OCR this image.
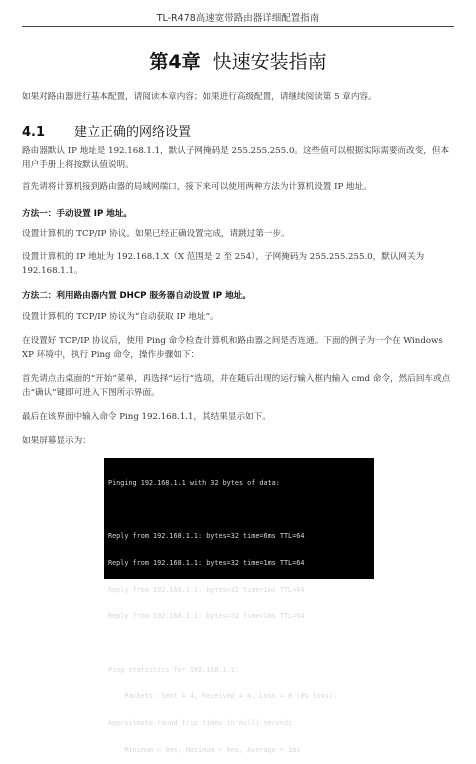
TL-R478高速宽带路由器详细配置指南
第4章 快速安装指南
如果对路由器进行基本配置，请阅读本章内容；如果进行高级配置，请继续阅读第 5 章内容。
4.1 建立正确的网络设置
路由器默认 IP 地址是 192.168.1.1，默认子网掩码是 255.255.255.0。这些值可以根据实际需要而改变，但本用户手册上将按默认值说明。
首先请将计算机接到路由器的局域网端口，接下来可以使用两种方法为计算机设置 IP 地址。
方法一：手动设置 IP 地址。
设置计算机的 TCP/IP 协议。如果已经正确设置完成，请跳过第一步。
设置计算机的 IP 地址为 192.168.1.X（X 范围是 2 至 254），子网掩码为 255.255.255.0，默认网关为 192.168.1.1。
方法二：利用路由器内置 DHCP 服务器自动设置 IP 地址。
设置计算机的 TCP/IP 协议为“自动获取 IP 地址”。
在设置好 TCP/IP 协议后，使用 Ping 命令检查计算机和路由器之间是否连通。下面的例子为一个在 Windows XP 环境中，执行 Ping 命令，操作步骤如下：
首先请点击桌面的“开始”菜单，再选择“运行”选项，并在随后出现的运行输入框内输入 cmd 命令，然后回车或点击“确认”键即可进入下图所示界面。
最后在该界面中输入命令 Ping 192.168.1.1，其结果显示如下。
如果屏幕显示为：

Pinging 192.168.1.1 with 32 bytes of data:

Reply from 192.168.1.1: bytes=32 time=6ms TTL=64

Reply from 192.168.1.1: bytes=32 time=1ms TTL=64

Reply from 192.168.1.1: bytes=32 time<1ms TTL=64

Reply from 192.168.1.1: bytes=32 time<1ms TTL=64

Ping statistics for 192.168.1.1:

Packets: Sent = 4, Received = 4, Lost = 0 (0% loss),

Approximate round trip times in milli-seconds:

Minimum = 0ms, Maximum = 6ms, Average = 1ms
